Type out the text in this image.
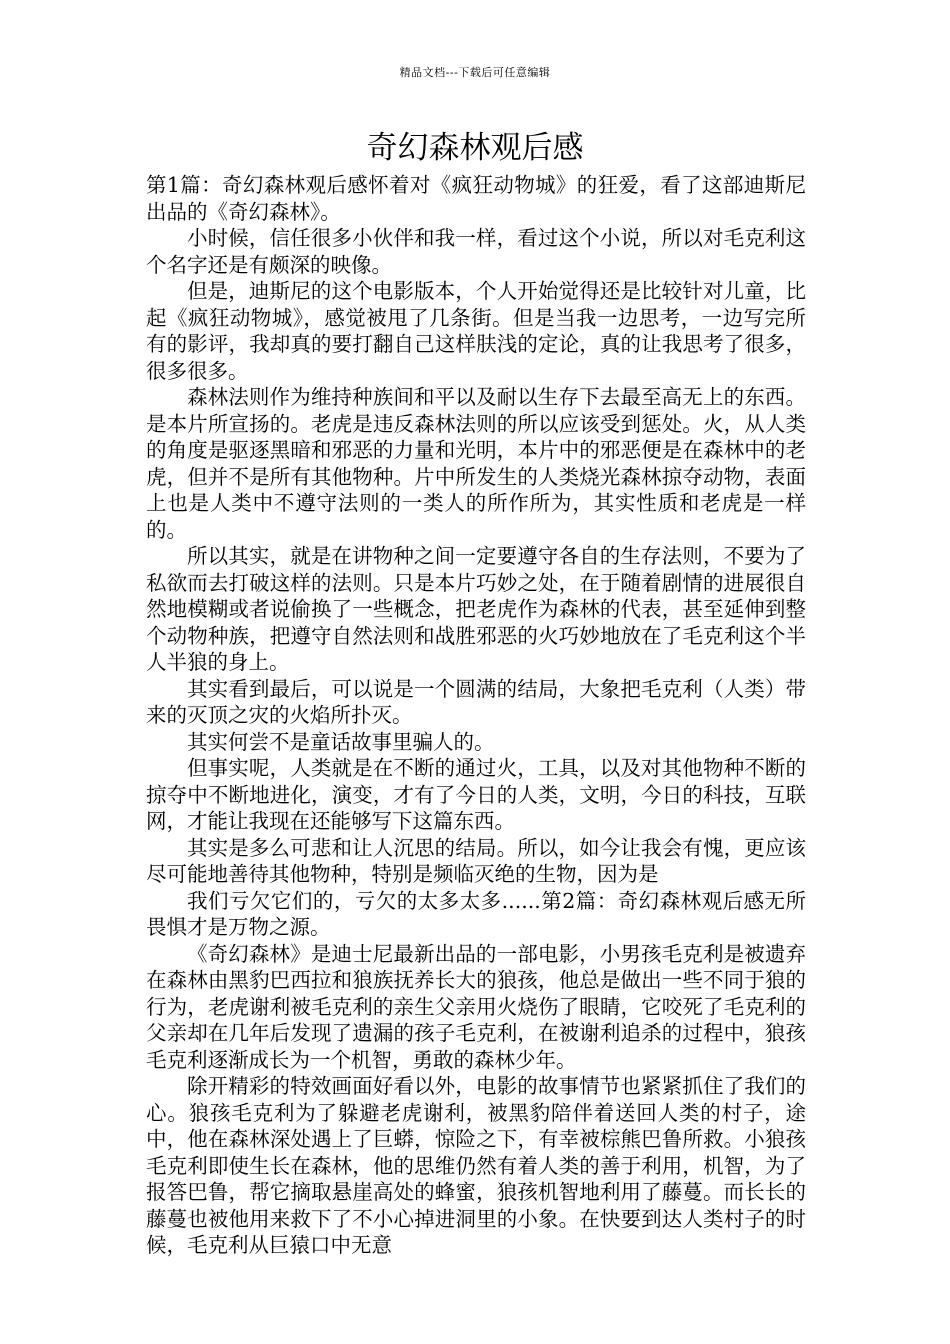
精品文档---下载后可任意编辑
奇幻森林观后感

第1篇：奇幻森林观后感怀着对《疯狂动物城》的狂爱，看了这部迪斯尼出品的《奇幻森林》。

小时候，信任很多小伙伴和我一样，看过这个小说，所以对毛克利这个名字还是有颇深的映像。

但是，迪斯尼的这个电影版本，个人开始觉得还是比较针对儿童，比起《疯狂动物城》，感觉被甩了几条街。但是当我一边思考，一边写完所有的影评，我却真的要打翻自己这样肤浅的定论，真的让我思考了很多，很多很多。

森林法则作为维持种族间和平以及耐以生存下去最至高无上的东西。是本片所宣扬的。老虎是违反森林法则的所以应该受到惩处。火，从人类的角度是驱逐黑暗和邪恶的力量和光明，本片中的邪恶便是在森林中的老虎，但并不是所有其他物种。片中所发生的人类烧光森林掠夺动物，表面上也是人类中不遵守法则的一类人的所作所为，其实性质和老虎是一样的。

所以其实，就是在讲物种之间一定要遵守各自的生存法则，不要为了私欲而去打破这样的法则。只是本片巧妙之处，在于随着剧情的进展很自然地模糊或者说偷换了一些概念，把老虎作为森林的代表，甚至延伸到整个动物种族，把遵守自然法则和战胜邪恶的火巧妙地放在了毛克利这个半人半狼的身上。

其实看到最后，可以说是一个圆满的结局，大象把毛克利（人类）带来的灭顶之灾的火焰所扑灭。

其实何尝不是童话故事里骗人的。

但事实呢，人类就是在不断的通过火，工具，以及对其他物种不断的掠夺中不断地进化，演变，才有了今日的人类，文明，今日的科技，互联网，才能让我现在还能够写下这篇东西。

其实是多么可悲和让人沉思的结局。所以，如今让我会有愧，更应该尽可能地善待其他物种，特别是频临灭绝的生物，因为是

我们亏欠它们的，亏欠的太多太多......第2篇：奇幻森林观后感无所畏惧才是万物之源。

《奇幻森林》是迪士尼最新出品的一部电影，小男孩毛克利是被遗弃在森林由黑豹巴西拉和狼族抚养长大的狼孩，他总是做出一些不同于狼的行为，老虎谢利被毛克利的亲生父亲用火烧伤了眼睛，它咬死了毛克利的父亲却在几年后发现了遗漏的孩子毛克利，在被谢利追杀的过程中，狼孩毛克利逐渐成长为一个机智，勇敢的森林少年。

除开精彩的特效画面好看以外，电影的故事情节也紧紧抓住了我们的心。狼孩毛克利为了躲避老虎谢利，被黑豹陪伴着送回人类的村子，途中，他在森林深处遇上了巨蟒，惊险之下，有幸被棕熊巴鲁所救。小狼孩毛克利即使生长在森林，他的思维仍然有着人类的善于利用，机智，为了报答巴鲁，帮它摘取悬崖高处的蜂蜜，狼孩机智地利用了藤蔓。而长长的藤蔓也被他用来救下了不小心掉进洞里的小象。在快要到达人类村子的时候，毛克利从巨猿口中无意
